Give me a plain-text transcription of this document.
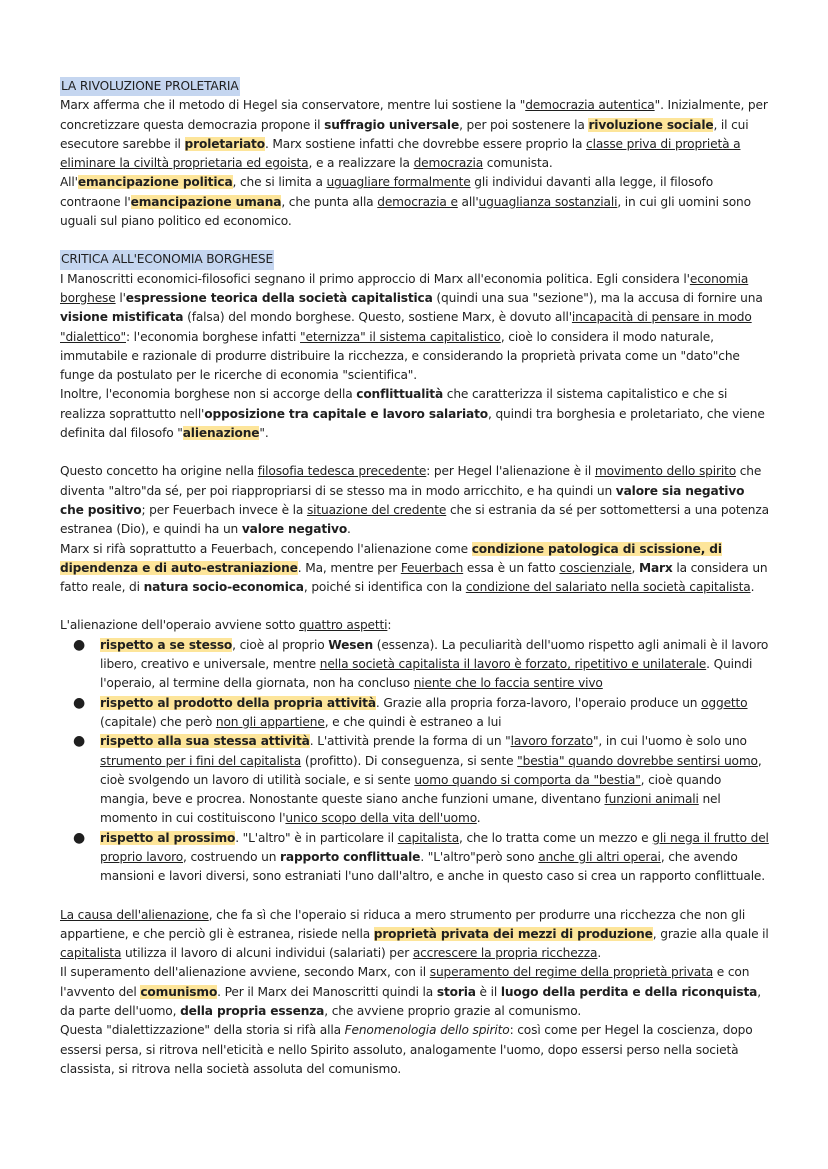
LA RIVOLUZIONE PROLETARIA

Marx afferma che il metodo di Hegel sia conservatore, mentre lui sostiene la "democrazia autentica". Inizialmente, per concretizzare questa democrazia propone il suffragio universale, per poi sostenere la rivoluzione sociale, il cui esecutore sarebbe il proletariato. Marx sostiene infatti che dovrebbe essere proprio la classe priva di proprietà a eliminare la civiltà proprietaria ed egoista, e a realizzare la democrazia comunista.

All'emancipazione politica, che si limita a uguagliare formalmente gli individui davanti alla legge, il filosofo contraone l'emancipazione umana, che punta alla democrazia e all'uguaglianza sostanziali, in cui gli uomini sono uguali sul piano politico ed economico.

CRITICA ALL'ECONOMIA BORGHESE

I Manoscritti economici-filosofici segnano il primo approccio di Marx all'economia politica. Egli considera l'economia borghese l'espressione teorica della società capitalistica (quindi una sua "sezione"), ma la accusa di fornire una visione mistificata (falsa) del mondo borghese. Questo, sostiene Marx, è dovuto all'incapacità di pensare in modo "dialettico": l'economia borghese infatti "eternizza" il sistema capitalistico, cioè lo considera il modo naturale, immutabile e razionale di produrre distribuire la ricchezza, e considerando la proprietà privata come un "dato"che funge da postulato per le ricerche di economia "scientifica".

Inoltre, l'economia borghese non si accorge della conflittualità che caratterizza il sistema capitalistico e che si realizza soprattutto nell'opposizione tra capitale e lavoro salariato, quindi tra borghesia e proletariato, che viene definita dal filosofo "alienazione".

Questo concetto ha origine nella filosofia tedesca precedente: per Hegel l'alienazione è il movimento dello spirito che diventa "altro"da sé, per poi riappropriarsi di se stesso ma in modo arricchito, e ha quindi un valore sia negativo che positivo; per Feuerbach invece è la situazione del credente che si estrania da sé per sottomettersi a una potenza estranea (Dio), e quindi ha un valore negativo.

Marx si rifà soprattutto a Feuerbach, concependo l'alienazione come condizione patologica di scissione, di dipendenza e di auto-estraniazione. Ma, mentre per Feuerbach essa è un fatto coscienziale, Marx la considera un fatto reale, di natura socio-economica, poiché si identifica con la condizione del salariato nella società capitalista.

L'alienazione dell'operaio avviene sotto quattro aspetti:

● rispetto a se stesso, cioè al proprio Wesen (essenza). La peculiarità dell'uomo rispetto agli animali è il lavoro libero, creativo e universale, mentre nella società capitalista il lavoro è forzato, ripetitivo e unilaterale. Quindi l'operaio, al termine della giornata, non ha concluso niente che lo faccia sentire vivo
● rispetto al prodotto della propria attività. Grazie alla propria forza-lavoro, l'operaio produce un oggetto (capitale) che però non gli appartiene, e che quindi è estraneo a lui
● rispetto alla sua stessa attività. L'attività prende la forma di un "lavoro forzato", in cui l'uomo è solo uno strumento per i fini del capitalista (profitto). Di conseguenza, si sente "bestia" quando dovrebbe sentirsi uomo, cioè svolgendo un lavoro di utilità sociale, e si sente uomo quando si comporta da "bestia", cioè quando mangia, beve e procrea. Nonostante queste siano anche funzioni umane, diventano funzioni animali nel momento in cui costituiscono l'unico scopo della vita dell'uomo.
● rispetto al prossimo. "L'altro" è in particolare il capitalista, che lo tratta come un mezzo e gli nega il frutto del proprio lavoro, costruendo un rapporto conflittuale. "L'altro"però sono anche gli altri operai, che avendo mansioni e lavori diversi, sono estraniati l'uno dall'altro, e anche in questo caso si crea un rapporto conflittuale.

La causa dell'alienazione, che fa sì che l'operaio si riduca a mero strumento per produrre una ricchezza che non gli appartiene, e che perciò gli è estranea, risiede nella proprietà privata dei mezzi di produzione, grazie alla quale il capitalista utilizza il lavoro di alcuni individui (salariati) per accrescere la propria ricchezza.

Il superamento dell'alienazione avviene, secondo Marx, con il superamento del regime della proprietà privata e con l'avvento del comunismo. Per il Marx dei Manoscritti quindi la storia è il luogo della perdita e della riconquista, da parte dell'uomo, della propria essenza, che avviene proprio grazie al comunismo.

Questa "dialettizzazione" della storia si rifà alla Fenomenologia dello spirito: così come per Hegel la coscienza, dopo essersi persa, si ritrova nell'eticità e nello Spirito assoluto, analogamente l'uomo, dopo essersi perso nella società classista, si ritrova nella società assoluta del comunismo.
